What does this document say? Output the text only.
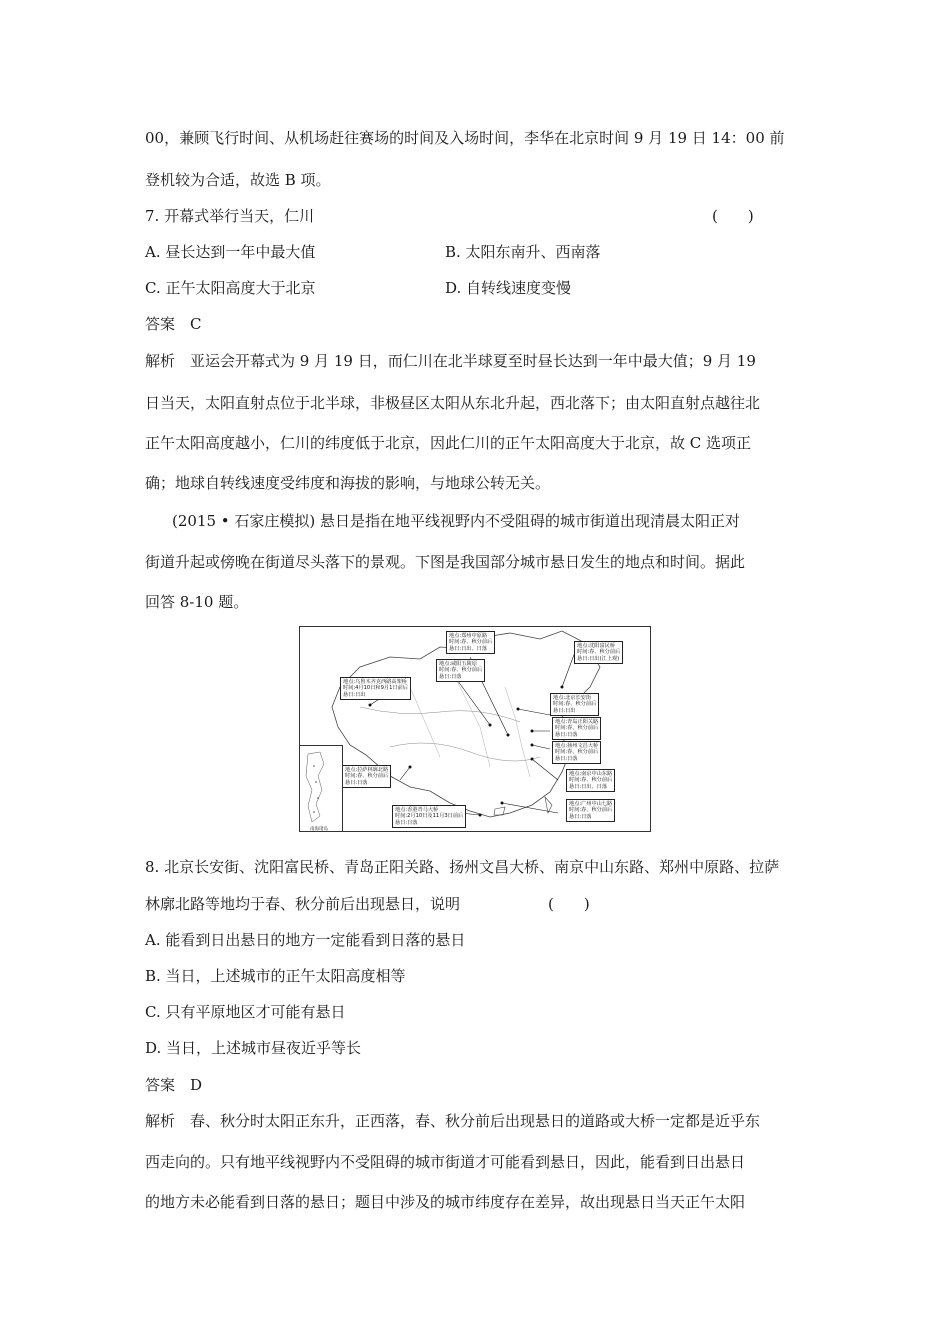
00，兼顾飞行时间、从机场赶往赛场的时间及入场时间，李华在北京时间 9 月 19 日 14：00 前
登机较为合适，故选 B 项。
7. 开幕式举行当天，仁川	(　　)
A. 昼长达到一年中最大值	B. 太阳东南升、西南落
C. 正午太阳高度大于北京	D. 自转线速度变慢
答案　C
解析　亚运会开幕式为 9 月 19 日，而仁川在北半球夏至时昼长达到一年中最大值；9 月 19
日当天，太阳直射点位于北半球，非极昼区太阳从东北升起，西北落下；由太阳直射点越往北
正午太阳高度越小，仁川的纬度低于北京，因此仁川的正午太阳高度大于北京，故 C 选项正
确；地球自转线速度受纬度和海拔的影响，与地球公转无关。
(2015 • 石家庄模拟) 悬日是指在地平线视野内不受阻碍的城市街道出现清晨太阳正对
街道升起或傍晚在街道尽头落下的景观。下图是我国部分城市悬日发生的地点和时间。据此
回答 8-10 题。
地点:郑州中原路
时间:春、秋分前后
悬日:日出、日落
地点:咸阳五陵原
时间:春、秋分前后
悬日:日落
地点:沈阳富民桥
时间:春、秋分前后
悬日:日出(江上观)
地点:乌鲁木齐克西路高架桥
时间:4月10日和9月1日前后
悬日:日出
地点:北京长安街
时间:春、秋分前后
悬日:日出
地点:青岛正阳关路
时间:春、秋分前后
悬日:日落
地点:扬州文昌大桥
时间:春、秋分前后
悬日:日落
地点:拉萨林廓北路
时间:春、秋分前后
悬日:日落
地点:南京中山东路
时间:春、秋分前后
悬日:日出、日落
地点:广州中山七路
时间:春、秋分前后
悬日:日落
地点:香港青马大桥
时间:2月10日及11月3日前后
悬日:日落
南海诸岛
8. 北京长安街、沈阳富民桥、青岛正阳关路、扬州文昌大桥、南京中山东路、郑州中原路、拉萨
林廓北路等地均于春、秋分前后出现悬日，说明	(　　)
A. 能看到日出悬日的地方一定能看到日落的悬日
B. 当日，上述城市的正午太阳高度相等
C. 只有平原地区才可能有悬日
D. 当日，上述城市昼夜近乎等长
答案　D
解析　春、秋分时太阳正东升，正西落，春、秋分前后出现悬日的道路或大桥一定都是近乎东
西走向的。只有地平线视野内不受阻碍的城市街道才可能看到悬日，因此，能看到日出悬日
的地方未必能看到日落的悬日；题目中涉及的城市纬度存在差异，故出现悬日当天正午太阳
